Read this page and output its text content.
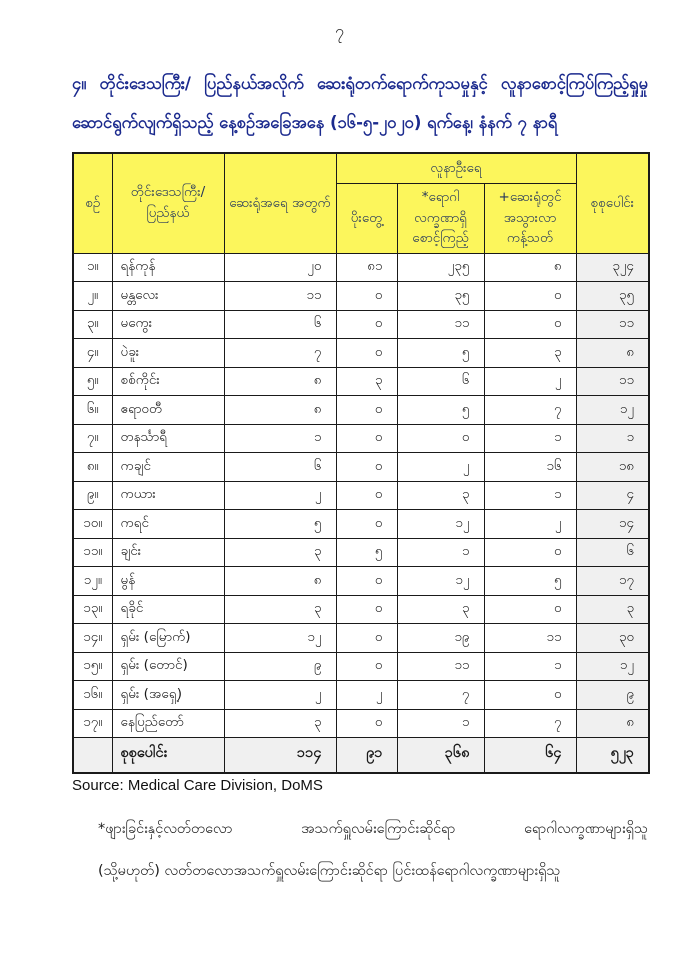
၇
၄။ တိုင်းဒေသကြီး/ ပြည်နယ်အလိုက် ဆေးရုံတက်ရောက်ကုသမှုနှင့် လူနာစောင့်ကြပ်ကြည့်ရှုမှု
ဆောင်ရွက်လျက်ရှိသည့် နေ့စဉ်အခြေအနေ (၁၆-၅-၂၀၂၀) ရက်နေ့၊ နံနက် ၇ နာရီ
စဉ်	တိုင်းဒေသကြီး/ ပြည်နယ်	ဆေးရုံအရေ အတွက်	လူနာဦးရေ			စုစုပေါင်း
			ပိုးတွေ့	*ရောဂါ လက္ခဏာရှိ စောင့်ကြည့်	+ဆေးရုံတွင် အသွားလာ ကန့်သတ်	
၁။	ရန်ကုန်	၂၀	၈၁	၂၃၅	၈	၃၂၄
၂။	မန္တလေး	၁၁	၀	၃၅	၀	၃၅
၃။	မကွေး	၆	၀	၁၁	၀	၁၁
၄။	ပဲခူး	၇	၀	၅	၃	၈
၅။	စစ်ကိုင်း	၈	၃	၆	၂	၁၁
၆။	ဧရာဝတီ	၈	၀	၅	၇	၁၂
၇။	တနင်္သာရီ	၁	၀	၀	၁	၁
၈။	ကချင်	၆	၀	၂	၁၆	၁၈
၉။	ကယား	၂	၀	၃	၁	၄
၁၀။	ကရင်	၅	၀	၁၂	၂	၁၄
၁၁။	ချင်း	၃	၅	၁	၀	၆
၁၂။	မွန်	၈	၀	၁၂	၅	၁၇
၁၃။	ရခိုင်	၃	၀	၃	၀	၃
၁၄။	ရှမ်း (မြောက်)	၁၂	၀	၁၉	၁၁	၃၀
၁၅။	ရှမ်း (တောင်)	၉	၀	၁၁	၁	၁၂
၁၆။	ရှမ်း (အရှေ့)	၂	၂	၇	၀	၉
၁၇။	နေပြည်တော်	၃	၀	၁	၇	၈
	စုစုပေါင်း	၁၁၄	၉၁	၃၆၈	၆၄	၅၂၃
Source: Medical Care Division, DoMS
*ဖျားခြင်းနှင့်လတ်တလော အသက်ရှူလမ်းကြောင်းဆိုင်ရာ ရောဂါလက္ခဏာများရှိသူ
(သို့မဟုတ်) လတ်တလောအသက်ရှူလမ်းကြောင်းဆိုင်ရာ ပြင်းထန်ရောဂါလက္ခဏာများရှိသူ
